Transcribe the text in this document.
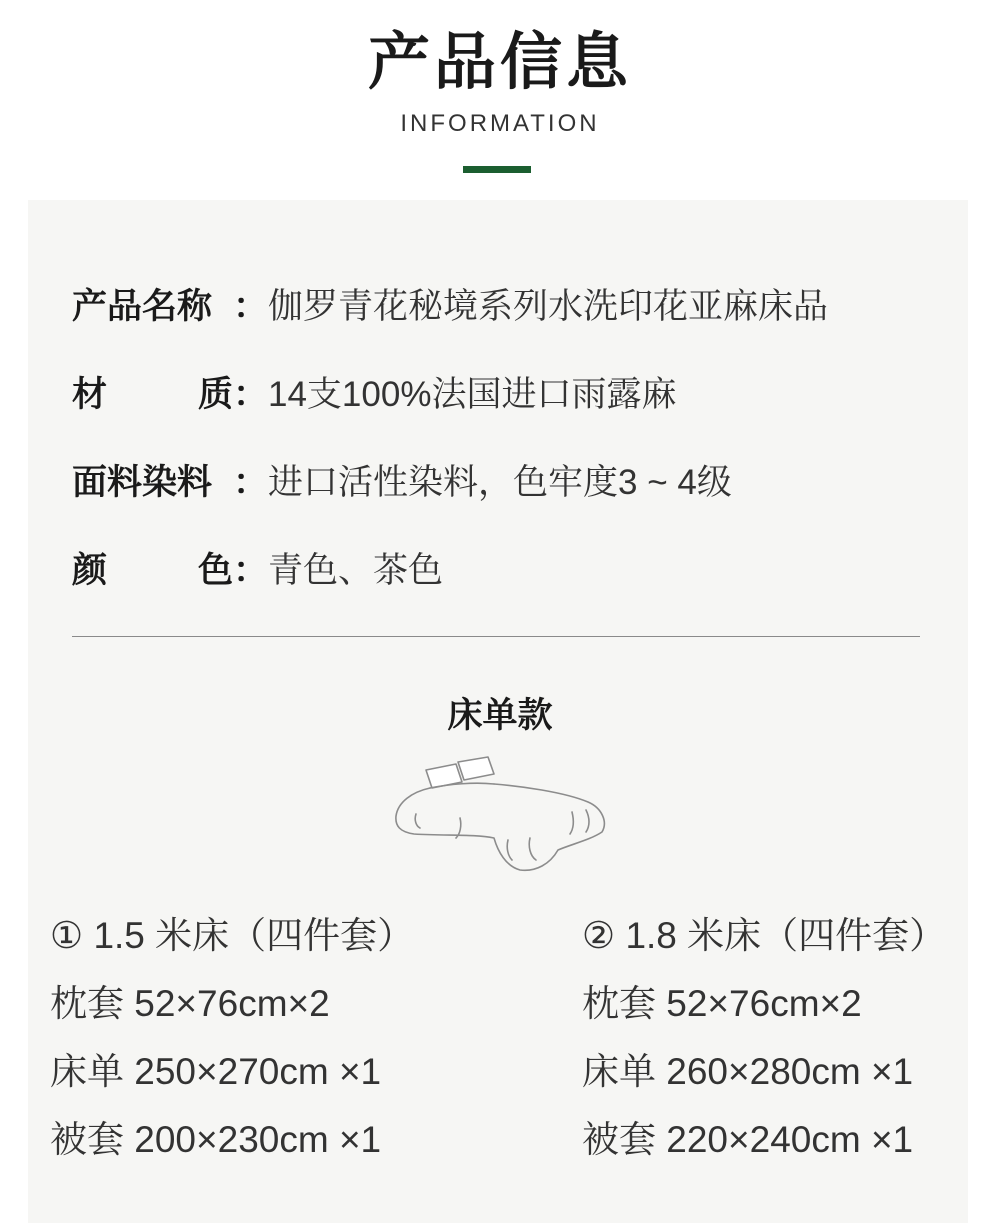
产品信息
INFORMATION
产品名称 ： 伽罗青花秘境系列水洗印花亚麻床品
材	质： 14支100%法国进口雨露麻
面料染料 ： 进口活性染料，色牢度3 ~ 4级
颜	色： 青色、茶色
床单款
① 1.5 米床（四件套）
枕套 52×76cm×2
床单 250×270cm ×1
被套 200×230cm ×1
② 1.8 米床（四件套）
枕套 52×76cm×2
床单 260×280cm ×1
被套 220×240cm ×1
